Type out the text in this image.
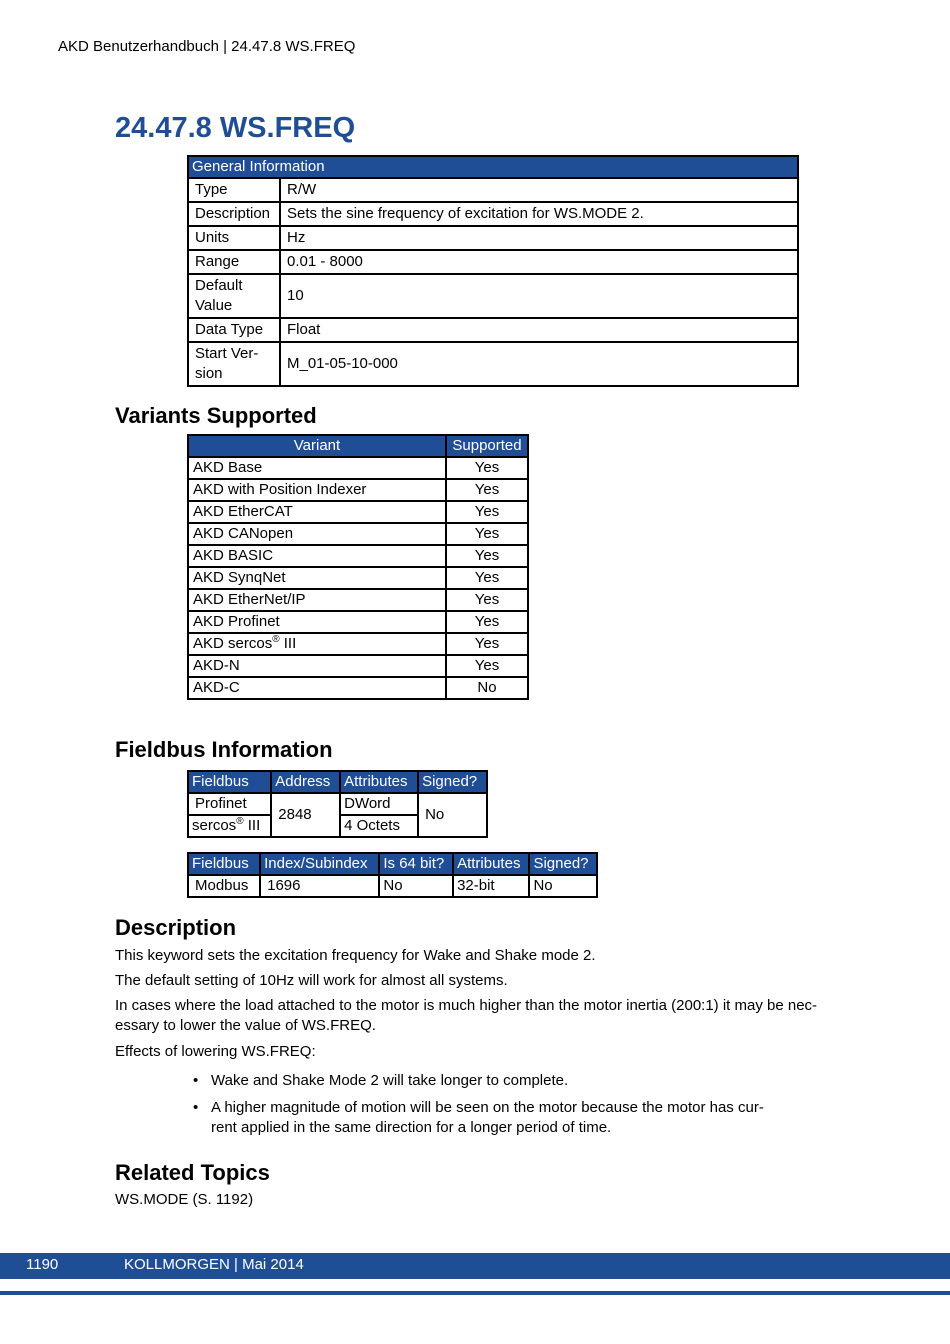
AKD Benutzerhandbuch | 24.47.8 WS.FREQ
24.47.8 WS.FREQ
General Information	
Type	R/W
Description	Sets the sine frequency of excitation for WS.MODE 2.
Units	Hz
Range	0.01 - 8000
Default Value	10
Data Type	Float
Start Ver- sion	M_01-05-10-000
Variants Supported
Variant	Supported
AKD Base	Yes
AKD with Position Indexer	Yes
AKD EtherCAT	Yes
AKD CANopen	Yes
AKD BASIC	Yes
AKD SynqNet	Yes
AKD EtherNet/IP	Yes
AKD Profinet	Yes
AKD sercos® III	Yes
AKD-N	Yes
AKD-C	No
Fieldbus Information
Fieldbus	Address	Attributes	Signed?
Profinet	2848	DWord	No
sercos® III		4 Octets	
Fieldbus	Index/Subindex	Is 64 bit?	Attributes	Signed?
Modbus	1696	No	32-bit	No
Description

This keyword sets the excitation frequency for Wake and Shake mode 2.

The default setting of 10Hz will work for almost all systems.

In cases where the load attached to the motor is much higher than the motor inertia (200:1) it may be nec- essary to lower the value of WS.FREQ.

Effects of lowering WS.FREQ:

• Wake and Shake Mode 2 will take longer to complete.
• A higher magnitude of motion will be seen on the motor because the motor has cur- rent applied in the same direction for a longer period of time.
Related Topics

WS.MODE (S. 1192)

1190	KOLLMORGEN | Mai 2014
